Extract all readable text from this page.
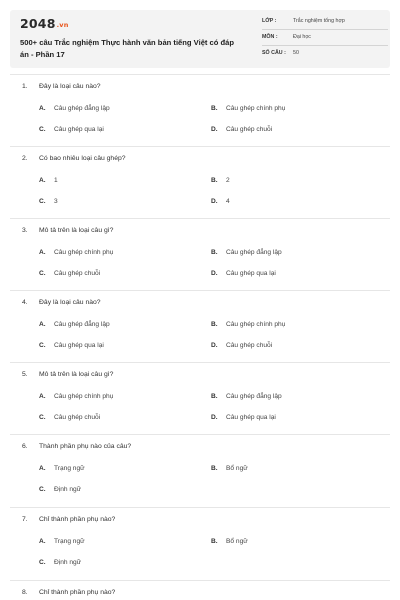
2048.vn
500+ câu Trắc nghiệm Thực hành văn bản tiếng Việt có đáp án - Phần 17
LỚP :	Trắc nghiệm tổng hợp
MÔN :	Đại học
SỐ CÂU : 50
1. Đây là loại câu nào?
A. Câu ghép đẳng lập	B. Câu ghép chính phụ
C. Câu ghép qua lại	D. Câu ghép chuỗi
2. Có bao nhiêu loại câu ghép?
A. 1	B. 2
C. 3	D. 4
3. Mô tả trên là loại câu gì?
A. Câu ghép chính phụ	B. Câu ghép đẳng lập
C. Câu ghép chuỗi	D. Câu ghép qua lại
4. Đây là loại câu nào?
A. Câu ghép đẳng lập	B. Câu ghép chính phụ
C. Câu ghép qua lại	D. Câu ghép chuỗi
5. Mô tả trên là loại câu gì?
A. Câu ghép chính phụ	B. Câu ghép đẳng lập
C. Câu ghép chuỗi	D. Câu ghép qua lại
6. Thành phần phụ nào của câu?
A. Trạng ngữ	B. Bổ ngữ
C. Định ngữ
7. Chỉ thành phần phụ nào?
A. Trạng ngữ	B. Bổ ngữ
C. Định ngữ
8. Chỉ thành phần phụ nào?
